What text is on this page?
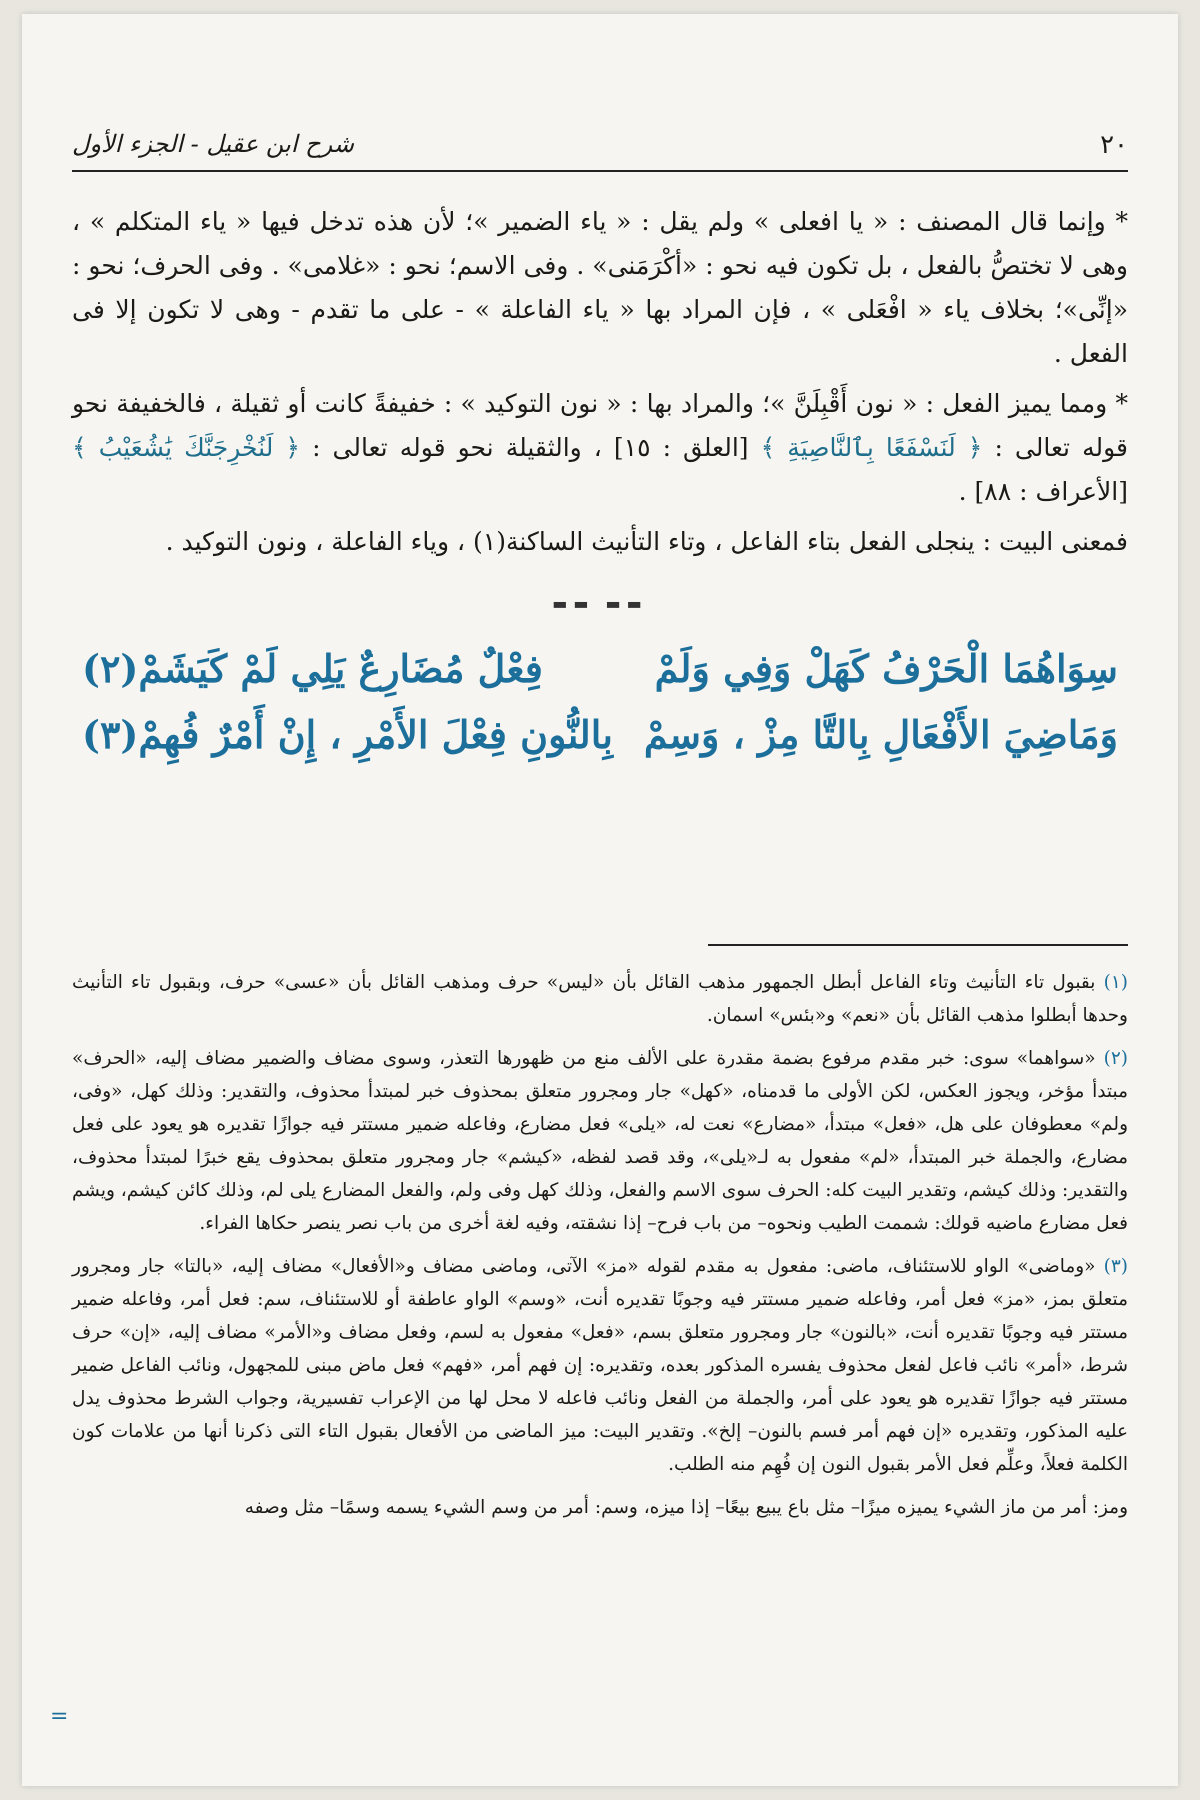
٢٠
شرح ابن عقيل - الجزء الأول

* وإنما قال المصنف : « يا افعلى » ولم يقل : « ياء الضمير »؛ لأن هذه تدخل فيها « ياء المتكلم » ، وهى لا تختصُّ بالفعل ، بل تكون فيه نحو : «أكْرَمَنى» . وفى الاسم؛ نحو : «غلامى» . وفى الحرف؛ نحو : «إنِّى»؛ بخلاف ياء « افْعَلى » ، فإن المراد بها « ياء الفاعلة » - على ما تقدم - وهى لا تكون إلا فى الفعل .

* ومما يميز الفعل : « نون أَقْبِلَنَّ »؛ والمراد بها : « نون التوكيد » : خفيفةً كانت أو ثقيلة ، فالخفيفة نحو قوله تعالى : ﴿ لَنَسْفَعًا بِٱلنَّاصِيَةِ ﴾ [العلق : ١٥] ، والثقيلة نحو قوله تعالى : ﴿ لَنُخْرِجَنَّكَ يَٰشُعَيْبُ ﴾ [الأعراف : ٨٨] .

فمعنى البيت : ينجلى الفعل بتاء الفاعل ، وتاء التأنيث الساكنة(١) ، وياء الفاعلة ، ونون التوكيد .

▬▬ ▬▬
سِوَاهُمَا الْحَرْفُ كَهَلْ وَفِي وَلَمْ
فِعْلٌ مُضَارِعٌ يَلِي لَمْ كَيَشَمْ(٢)
وَمَاضِيَ الأَفْعَالِ بِالتَّا مِزْ ، وَسِمْ
بِالنُّونِ فِعْلَ الأَمْرِ ، إِنْ أَمْرٌ فُهِمْ(٣)

(١) بقبول تاء التأنيث وتاء الفاعل أبطل الجمهور مذهب القائل بأن «ليس» حرف ومذهب القائل بأن «عسى» حرف، وبقبول تاء التأنيث وحدها أبطلوا مذهب القائل بأن «نعم» و«بئس» اسمان.

(٢) «سواهما» سوى: خبر مقدم مرفوع بضمة مقدرة على الألف منع من ظهورها التعذر، وسوى مضاف والضمير مضاف إليه، «الحرف» مبتدأ مؤخر، ويجوز العكس، لكن الأولى ما قدمناه، «كهل» جار ومجرور متعلق بمحذوف خبر لمبتدأ محذوف، والتقدير: وذلك كهل، «وفى، ولم» معطوفان على هل، «فعل» مبتدأ، «مضارع» نعت له، «يلى» فعل مضارع، وفاعله ضمير مستتر فيه جوازًا تقديره هو يعود على فعل مضارع، والجملة خبر المبتدأ، «لم» مفعول به لـ«يلى»، وقد قصد لفظه، «كيشم» جار ومجرور متعلق بمحذوف يقع خبرًا لمبتدأ محذوف، والتقدير: وذلك كيشم، وتقدير البيت كله: الحرف سوى الاسم والفعل، وذلك كهل وفى ولم، والفعل المضارع يلى لم، وذلك كائن كيشم، ويشم فعل مضارع ماضيه قولك: شممت الطيب ونحوه– من باب فرح– إذا نشقته، وفيه لغة أخرى من باب نصر ينصر حكاها الفراء.

(٣) «وماضى» الواو للاستئناف، ماضى: مفعول به مقدم لقوله «مز» الآتى، وماضى مضاف و«الأفعال» مضاف إليه، «بالتا» جار ومجرور متعلق بمز، «مز» فعل أمر، وفاعله ضمير مستتر فيه وجوبًا تقديره أنت، «وسم» الواو عاطفة أو للاستئناف، سم: فعل أمر، وفاعله ضمير مستتر فيه وجوبًا تقديره أنت، «بالنون» جار ومجرور متعلق بسم، «فعل» مفعول به لسم، وفعل مضاف و«الأمر» مضاف إليه، «إن» حرف شرط، «أمر» نائب فاعل لفعل محذوف يفسره المذكور بعده، وتقديره: إن فهم أمر، «فهم» فعل ماض مبنى للمجهول، ونائب الفاعل ضمير مستتر فيه جوازًا تقديره هو يعود على أمر، والجملة من الفعل ونائب فاعله لا محل لها من الإعراب تفسيرية، وجواب الشرط محذوف يدل عليه المذكور، وتقديره «إن فهم أمر فسم بالنون– إلخ». وتقدير البيت: ميز الماضى من الأفعال بقبول التاء التى ذكرنا أنها من علامات كون الكلمة فعلاً، وعلِّم فعل الأمر بقبول النون إن فُهِم منه الطلب.

ومز: أمر من ماز الشيء يميزه ميزًا– مثل باع يبيع بيعًا– إذا ميزه، وسم: أمر من وسم الشيء يسمه وسمًا– مثل وصفه

=
